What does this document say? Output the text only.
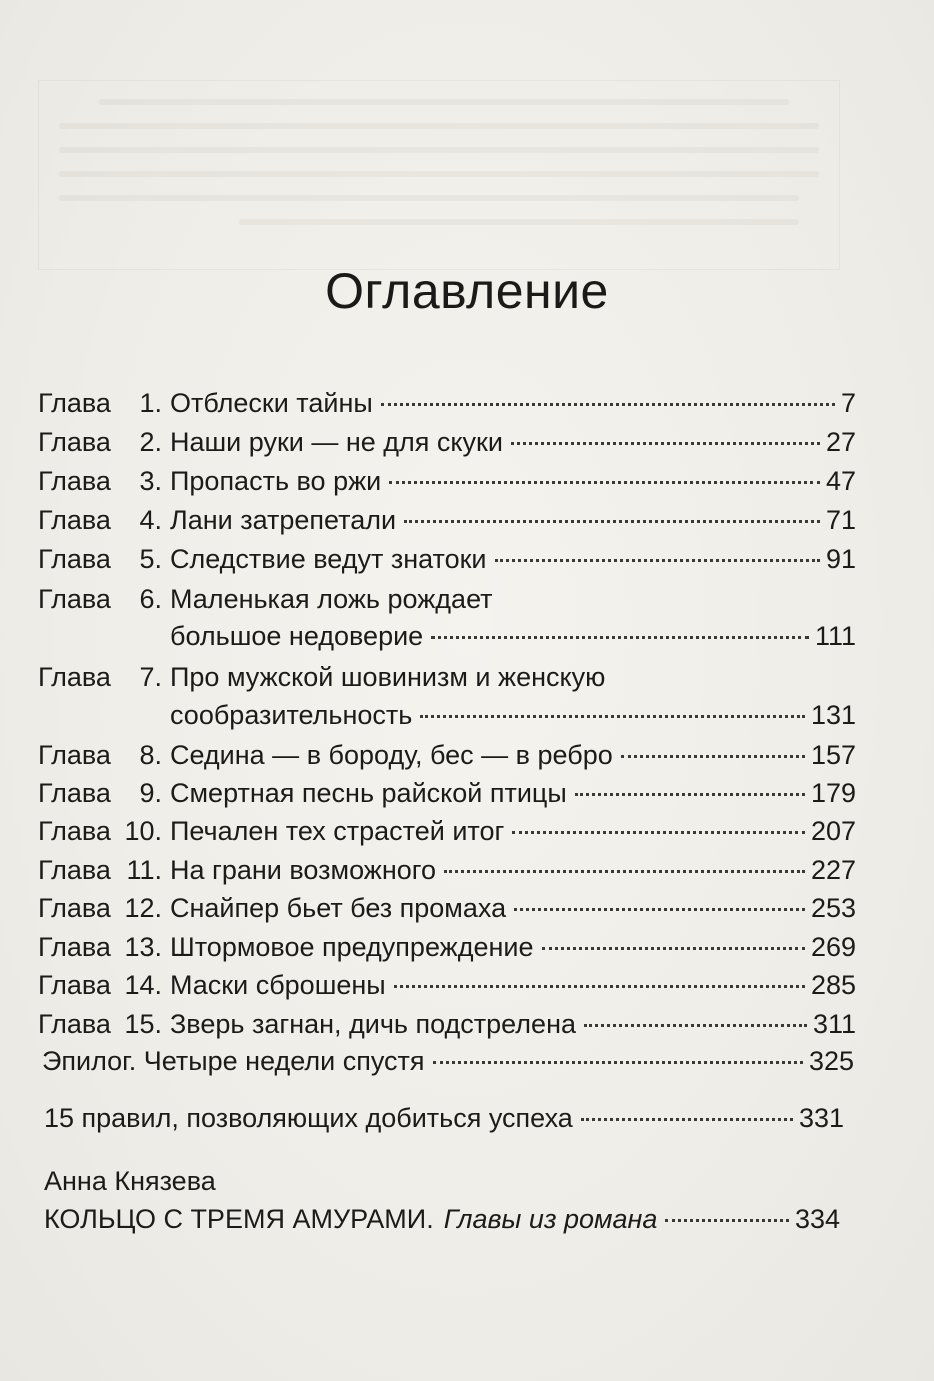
Оглавление
Глава	1. Отблески тайны	7
Глава	2. Наши руки — не для скуки	27
Глава	3. Пропасть во ржи	47
Глава	4. Лани затрепетали	71
Глава	5. Следствие ведут знатоки	91
Глава	6. Маленькая ложь рождает
большое недоверие	111
Глава	7. Про мужской шовинизм и женскую
сообразительность	131
Глава	8. Седина — в бороду, бес — в ребро	157
Глава	9. Смертная песнь райской птицы	179
Глава 10. Печален тех страстей итог	207
Глава 11. На грани возможного	227
Глава 12. Снайпер бьет без промаха	253
Глава 13. Штормовое предупреждение	269
Глава 14. Маски сброшены	285
Глава 15. Зверь загнан, дичь подстрелена	311
Эпилог. Четыре недели спустя	325
15 правил, позволяющих добиться успеха	331
Анна Князева
КОЛЬЦО С ТРЕМЯ АМУРАМИ. Главы из романа	334
